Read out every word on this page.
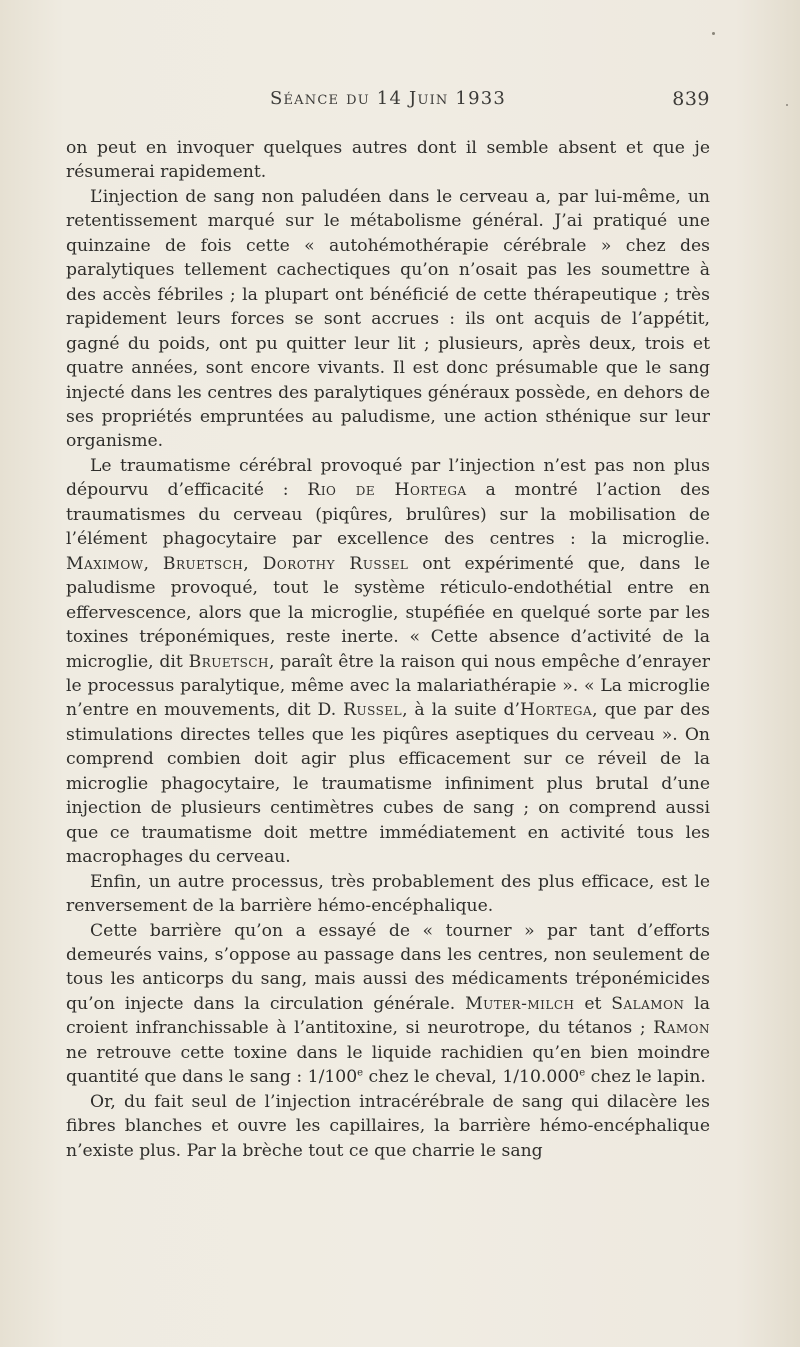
Séance du 14 Juin 1933	839

on peut en invoquer quelques autres dont il semble absent et que je résumerai rapidement.

L’injection de sang non paludéen dans le cerveau a, par lui-même, un retentissement marqué sur le métabolisme général. J’ai pratiqué une quinzaine de fois cette « autohémothérapie cérébrale » chez des paralytiques tellement cachectiques qu’on n’osait pas les soumettre à des accès fébriles ; la plupart ont bénéficié de cette thérapeutique ; très rapidement leurs forces se sont accrues : ils ont acquis de l’appétit, gagné du poids, ont pu quitter leur lit ; plusieurs, après deux, trois et quatre années, sont encore vivants. Il est donc présumable que le sang injecté dans les centres des paralytiques généraux possède, en dehors de ses propriétés empruntées au paludisme, une action sthénique sur leur organisme.

Le traumatisme cérébral provoqué par l’injection n’est pas non plus dépourvu d’efficacité : Rio de Hortega a montré l’action des traumatismes du cerveau (piqûres, brulûres) sur la mobilisation de l’élément phagocytaire par excellence des centres : la microglie. Maximow, Bruetsch, Dorothy Russel ont expérimenté que, dans le paludisme provoqué, tout le système réticulo-endothétial entre en effervescence, alors que la microglie, stupéfiée en quelqué sorte par les toxines tréponémiques, reste inerte. « Cette absence d’activité de la microglie, dit Bruetsch, paraît être la raison qui nous empêche d’enrayer le processus paralytique, même avec la malariathérapie ». « La microglie n’entre en mouvements, dit D. Russel, à la suite d’Hortega, que par des stimulations directes telles que les piqûres aseptiques du cerveau ». On comprend combien doit agir plus efficacement sur ce réveil de la microglie phagocytaire, le traumatisme infiniment plus brutal d’une injection de plusieurs centimètres cubes de sang ; on comprend aussi que ce traumatisme doit mettre immédiatement en activité tous les macrophages du cerveau.

Enfin, un autre processus, très probablement des plus efficace, est le renversement de la barrière hémo-encéphalique.

Cette barrière qu’on a essayé de « tourner » par tant d’efforts demeurés vains, s’oppose au passage dans les centres, non seulement de tous les anticorps du sang, mais aussi des médicaments tréponémicides qu’on injecte dans la circulation générale. Muter-milch et Salamon la croient infranchissable à l’antitoxine, si neurotrope, du tétanos ; Ramon ne retrouve cette toxine dans le liquide rachidien qu’en bien moindre quantité que dans le sang : 1/100e chez le cheval, 1/10.000e chez le lapin.

Or, du fait seul de l’injection intracérébrale de sang qui dilacère les fibres blanches et ouvre les capillaires, la barrière hémo-encéphalique n’existe plus. Par la brèche tout ce que charrie le sang
